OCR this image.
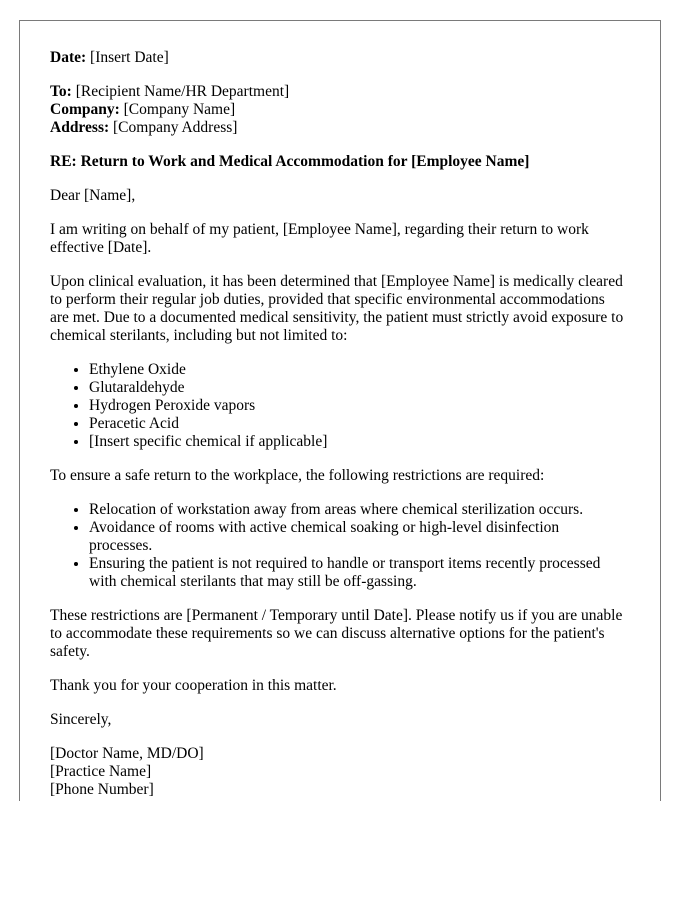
Date: [Insert Date]
To: [Recipient Name/HR Department]
Company: [Company Name]
Address: [Company Address]

RE: Return to Work and Medical Accommodation for [Employee Name]

Dear [Name],

I am writing on behalf of my patient, [Employee Name], regarding their return to work effective [Date].

Upon clinical evaluation, it has been determined that [Employee Name] is medically cleared to perform their regular job duties, provided that specific environmental accommodations are met. Due to a documented medical sensitivity, the patient must strictly avoid exposure to chemical sterilants, including but not limited to:

• Ethylene Oxide
• Glutaraldehyde
• Hydrogen Peroxide vapors
• Peracetic Acid
• [Insert specific chemical if applicable]

To ensure a safe return to the workplace, the following restrictions are required:

• Relocation of workstation away from areas where chemical sterilization occurs.
• Avoidance of rooms with active chemical soaking or high-level disinfection processes.
• Ensuring the patient is not required to handle or transport items recently processed with chemical sterilants that may still be off-gassing.

These restrictions are [Permanent / Temporary until Date]. Please notify us if you are unable to accommodate these requirements so we can discuss alternative options for the patient's safety.

Thank you for your cooperation in this matter.

Sincerely,

[Doctor Name, MD/DO]
[Practice Name]
[Phone Number]
